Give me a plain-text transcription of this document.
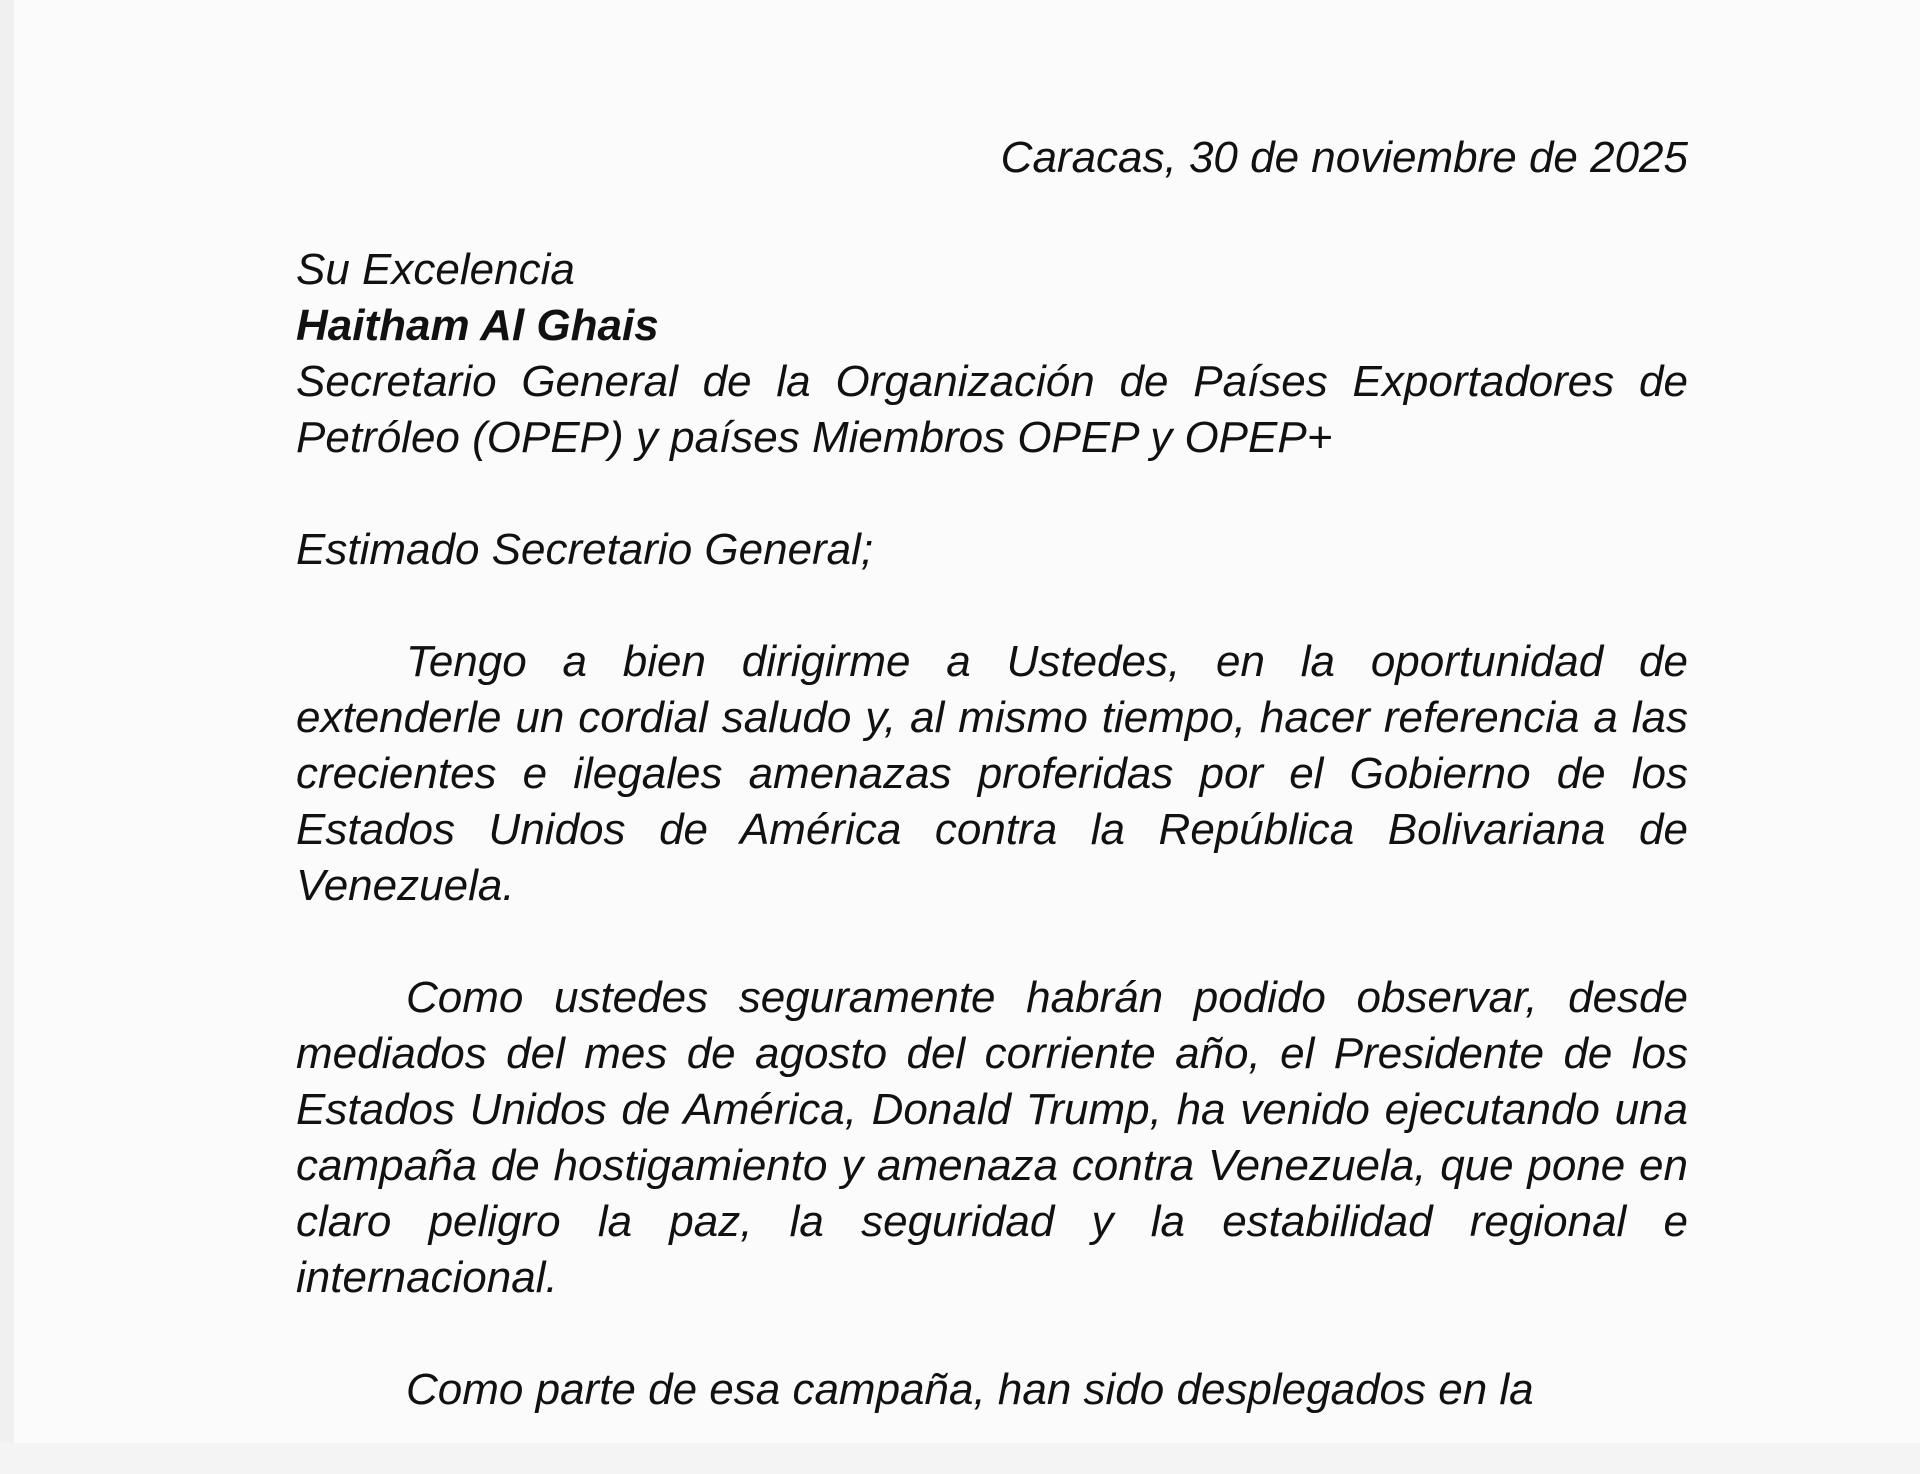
Caracas, 30 de noviembre de 2025

Su Excelencia
Haitham Al Ghais
Secretario General de la Organización de Países Exportadores de Petróleo (OPEP) y países Miembros OPEP y OPEP+

Estimado Secretario General;

Tengo a bien dirigirme a Ustedes, en la oportunidad de extenderle un cordial saludo y, al mismo tiempo, hacer referencia a las crecientes e ilegales amenazas proferidas por el Gobierno de los Estados Unidos de América contra la República Bolivariana de Venezuela.

Como ustedes seguramente habrán podido observar, desde mediados del mes de agosto del corriente año, el Presidente de los Estados Unidos de América, Donald Trump, ha venido ejecutando una campaña de hostigamiento y amenaza contra Venezuela, que pone en claro peligro la paz, la seguridad y la estabilidad regional e internacional.

Como parte de esa campaña, han sido desplegados en la
